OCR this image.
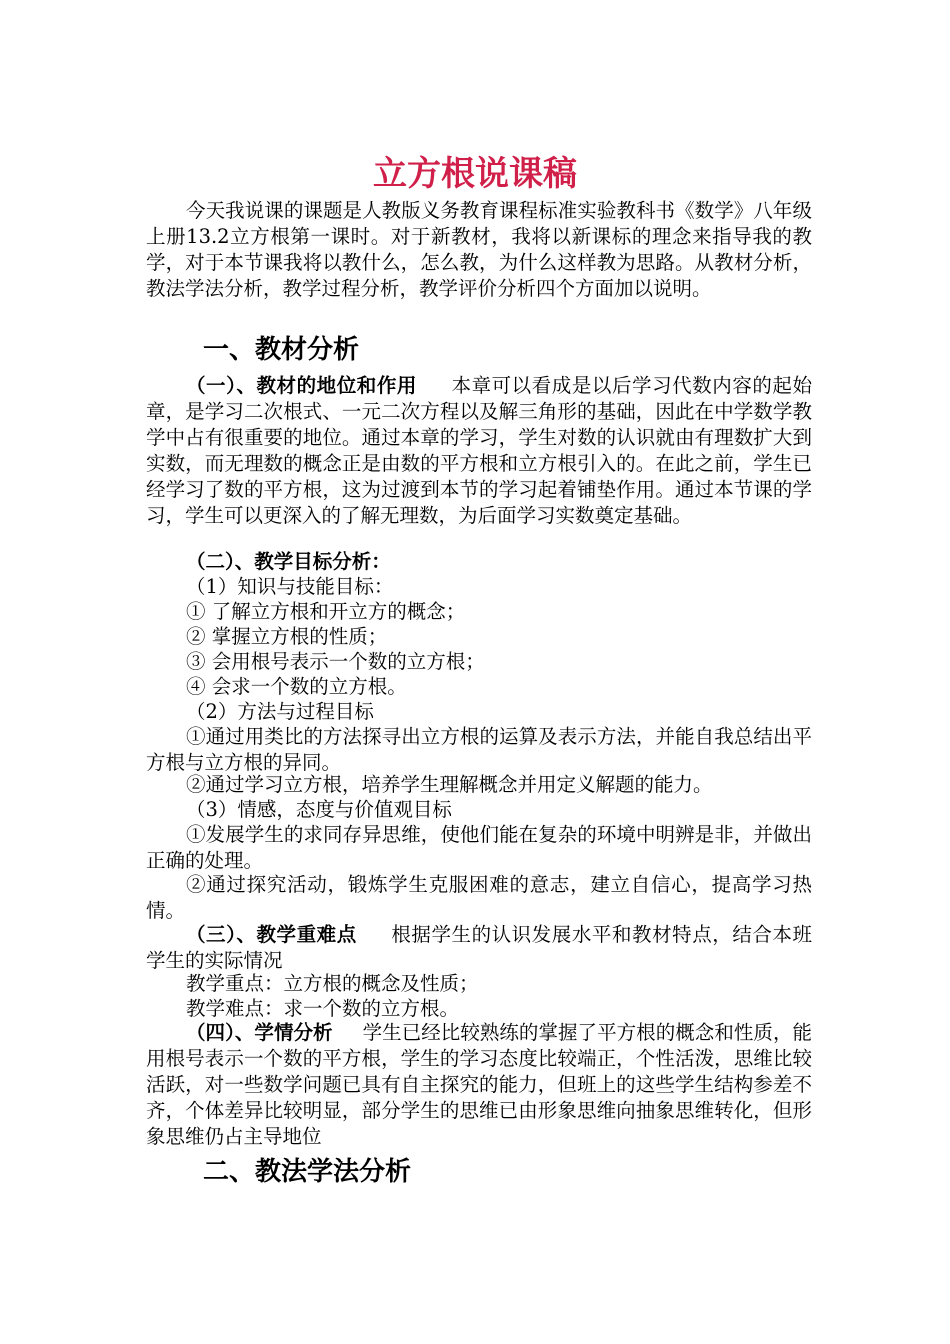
立方根说课稿
今天我说课的课题是人教版义务教育课程标准实验教科书《数学》八年级上册13.2立方根第一课时。对于新教材，我将以新课标的理念来指导我的教学，对于本节课我将以教什么，怎么教，为什么这样教为思路。从教材分析，教法学法分析，教学过程分析，教学评价分析四个方面加以说明。
一、教材分析
（一）、教材的地位和作用 本章可以看成是以后学习代数内容的起始章，是学习二次根式、一元二次方程以及解三角形的基础，因此在中学数学教学中占有很重要的地位。通过本章的学习，学生对数的认识就由有理数扩大到实数，而无理数的概念正是由数的平方根和立方根引入的。在此之前，学生已经学习了数的平方根，这为过渡到本节的学习起着铺垫作用。通过本节课的学习，学生可以更深入的了解无理数，为后面学习实数奠定基础。
（二）、教学目标分析：
（1）知识与技能目标：
① 了解立方根和开立方的概念；
② 掌握立方根的性质；
③ 会用根号表示一个数的立方根；
④ 会求一个数的立方根。
（2）方法与过程目标
①通过用类比的方法探寻出立方根的运算及表示方法，并能自我总结出平方根与立方根的异同。
②通过学习立方根，培养学生理解概念并用定义解题的能力。
（3）情感，态度与价值观目标
①发展学生的求同存异思维，使他们能在复杂的环境中明辨是非，并做出正确的处理。
②通过探究活动，锻炼学生克服困难的意志，建立自信心，提高学习热情。
（三）、教学重难点 根据学生的认识发展水平和教材特点，结合本班学生的实际情况
教学重点：立方根的概念及性质；
教学难点：求一个数的立方根。
（四）、学情分析 学生已经比较熟练的掌握了平方根的概念和性质，能用根号表示一个数的平方根，学生的学习态度比较端正，个性活泼，思维比较活跃，对一些数学问题已具有自主探究的能力，但班上的这些学生结构参差不齐，个体差异比较明显，部分学生的思维已由形象思维向抽象思维转化，但形象思维仍占主导地位
二、教法学法分析
